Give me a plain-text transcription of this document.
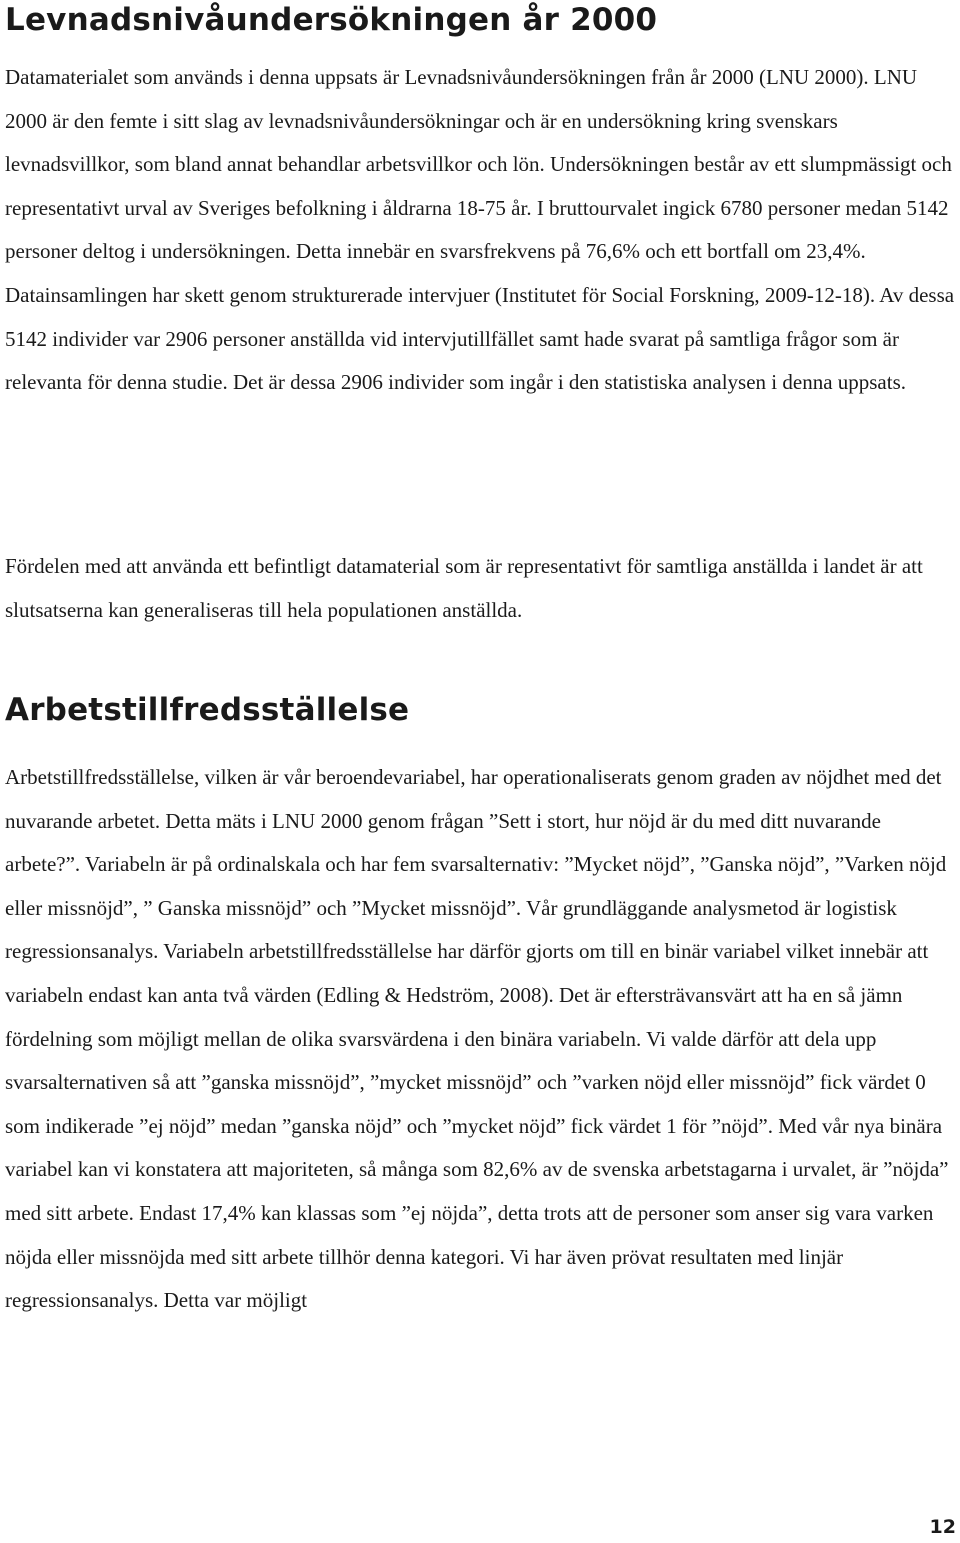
Levnadsnivåundersökningen år 2000

Datamaterialet som används i denna uppsats är Levnadsnivåundersökningen från år 2000 (LNU 2000). LNU 2000 är den femte i sitt slag av levnadsnivåundersökningar och är en undersökning kring svenskars levnadsvillkor, som bland annat behandlar arbetsvillkor och lön. Undersökningen består av ett slumpmässigt och representativt urval av Sveriges befolkning i åldrarna 18-75 år. I bruttourvalet ingick 6780 personer medan 5142 personer deltog i undersökningen. Detta innebär en svarsfrekvens på 76,6% och ett bortfall om 23,4%. Datainsamlingen har skett genom strukturerade intervjuer (Institutet för Social Forskning, 2009-12-18). Av dessa 5142 individer var 2906 personer anställda vid intervjutillfället samt hade svarat på samtliga frågor som är relevanta för denna studie. Det är dessa 2906 individer som ingår i den statistiska analysen i denna uppsats.

Fördelen med att använda ett befintligt datamaterial som är representativt för samtliga anställda i landet är att slutsatserna kan generaliseras till hela populationen anställda.

Arbetstillfredsställelse

Arbetstillfredsställelse, vilken är vår beroendevariabel, har operationaliserats genom graden av nöjdhet med det nuvarande arbetet. Detta mäts i LNU 2000 genom frågan ”Sett i stort, hur nöjd är du med ditt nuvarande arbete?”. Variabeln är på ordinalskala och har fem svarsalternativ: ”Mycket nöjd”, ”Ganska nöjd”, ”Varken nöjd eller missnöjd”, ” Ganska missnöjd” och ”Mycket missnöjd”. Vår grundläggande analysmetod är logistisk regressionsanalys. Variabeln arbetstillfredsställelse har därför gjorts om till en binär variabel vilket innebär att variabeln endast kan anta två värden (Edling & Hedström, 2008). Det är eftersträvansvärt att ha en så jämn fördelning som möjligt mellan de olika svarsvärdena i den binära variabeln. Vi valde därför att dela upp svarsalternativen så att ”ganska missnöjd”, ”mycket missnöjd” och ”varken nöjd eller missnöjd” fick värdet 0 som indikerade ”ej nöjd” medan ”ganska nöjd” och ”mycket nöjd” fick värdet 1 för ”nöjd”. Med vår nya binära variabel kan vi konstatera att majoriteten, så många som 82,6% av de svenska arbetstagarna i urvalet, är ”nöjda” med sitt arbete. Endast 17,4% kan klassas som ”ej nöjda”, detta trots att de personer som anser sig vara varken nöjda eller missnöjda med sitt arbete tillhör denna kategori. Vi har även prövat resultaten med linjär regressionsanalys. Detta var möjligt

12
